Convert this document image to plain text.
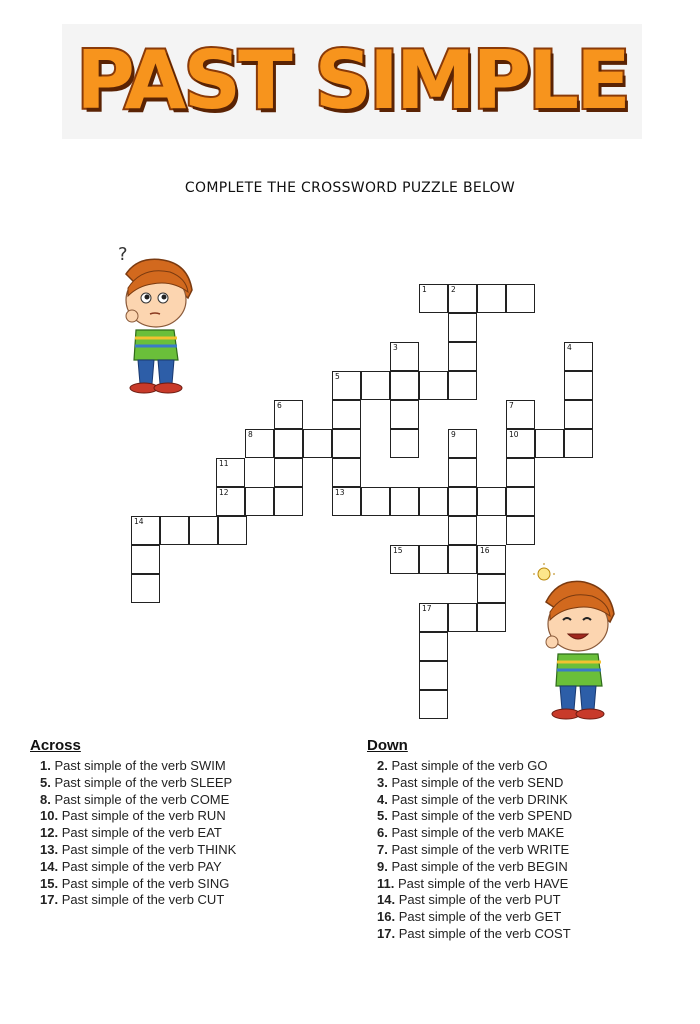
PAST SIMPLE
COMPLETE THE CROSSWORD PUZZLE BELOW
1	2
3	4
5
6	7
8	9	10
11
12	13
14
15	16
17
?
Across
1. Past simple of the verb SWIM
5. Past simple of the verb SLEEP
8. Past simple of the verb COME
10. Past simple of the verb RUN
12. Past simple of the verb EAT
13. Past simple of the verb THINK
14. Past simple of the verb PAY
15. Past simple of the verb SING
17. Past simple of the verb CUT
Down
2. Past simple of the verb GO
3. Past simple of the verb SEND
4. Past simple of the verb DRINK
5. Past simple of the verb SPEND
6. Past simple of the verb MAKE
7. Past simple of the verb WRITE
9. Past simple of the verb BEGIN
11. Past simple of the verb HAVE
14. Past simple of the verb PUT
16. Past simple of the verb GET
17. Past simple of the verb COST
